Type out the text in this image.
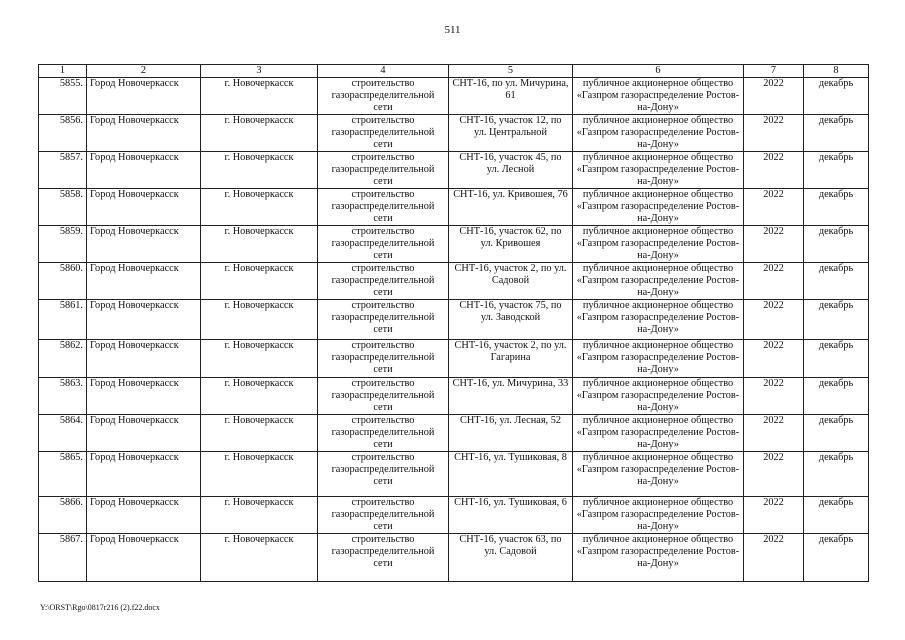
511
1	2	3	4	5	6	7	8
5855.	Город Новочеркасск	г. Новочеркасск	строительство газораспределительной сети	СНТ-16, по ул. Мичурина, 61	публичное акционерное общество «Газпром газораспределение Ростов-на-Дону»	2022	декабрь
5856.	Город Новочеркасск	г. Новочеркасск	строительство газораспределительной сети	СНТ-16, участок 12, по ул. Центральной	публичное акционерное общество «Газпром газораспределение Ростов-на-Дону»	2022	декабрь
5857.	Город Новочеркасск	г. Новочеркасск	строительство газораспределительной сети	СНТ-16, участок 45, по ул. Лесной	публичное акционерное общество «Газпром газораспределение Ростов-на-Дону»	2022	декабрь
5858.	Город Новочеркасск	г. Новочеркасск	строительство газораспределительной сети	СНТ-16, ул. Кривошея, 76	публичное акционерное общество «Газпром газораспределение Ростов-на-Дону»	2022	декабрь
5859.	Город Новочеркасск	г. Новочеркасск	строительство газораспределительной сети	СНТ-16, участок 62, по ул. Кривошея	публичное акционерное общество «Газпром газораспределение Ростов-на-Дону»	2022	декабрь
5860.	Город Новочеркасск	г. Новочеркасск	строительство газораспределительной сети	СНТ-16, участок 2, по ул. Садовой	публичное акционерное общество «Газпром газораспределение Ростов-на-Дону»	2022	декабрь
5861.	Город Новочеркасск	г. Новочеркасск	строительство газораспределительной сети	СНТ-16, участок 75, по ул. Заводской	публичное акционерное общество «Газпром газораспределение Ростов-на-Дону»	2022	декабрь
5862.	Город Новочеркасск	г. Новочеркасск	строительство газораспределительной сети	СНТ-16, участок 2, по ул. Гагарина	публичное акционерное общество «Газпром газораспределение Ростов-на-Дону»	2022	декабрь
5863.	Город Новочеркасск	г. Новочеркасск	строительство газораспределительной сети	СНТ-16, ул. Мичурина, 33	публичное акционерное общество «Газпром газораспределение Ростов-на-Дону»	2022	декабрь
5864.	Город Новочеркасск	г. Новочеркасск	строительство газораспределительной сети	СНТ-16, ул. Лесная, 52	публичное акционерное общество «Газпром газораспределение Ростов-на-Дону»	2022	декабрь
5865.	Город Новочеркасск	г. Новочеркасск	строительство газораспределительной сети	СНТ-16, ул. Тушиковая, 8	публичное акционерное общество «Газпром газораспределение Ростов-на-Дону»	2022	декабрь
5866.	Город Новочеркасск	г. Новочеркасск	строительство газораспределительной сети	СНТ-16, ул. Тушиковая, 6	публичное акционерное общество «Газпром газораспределение Ростов-на-Дону»	2022	декабрь
5867.	Город Новочеркасск	г. Новочеркасск	строительство газораспределительной сети	СНТ-16, участок 63, по ул. Садовой	публичное акционерное общество «Газпром газораспределение Ростов-на-Дону»	2022	декабрь
Y:\ORST\Rgo\0817r216 (2).f22.docx
